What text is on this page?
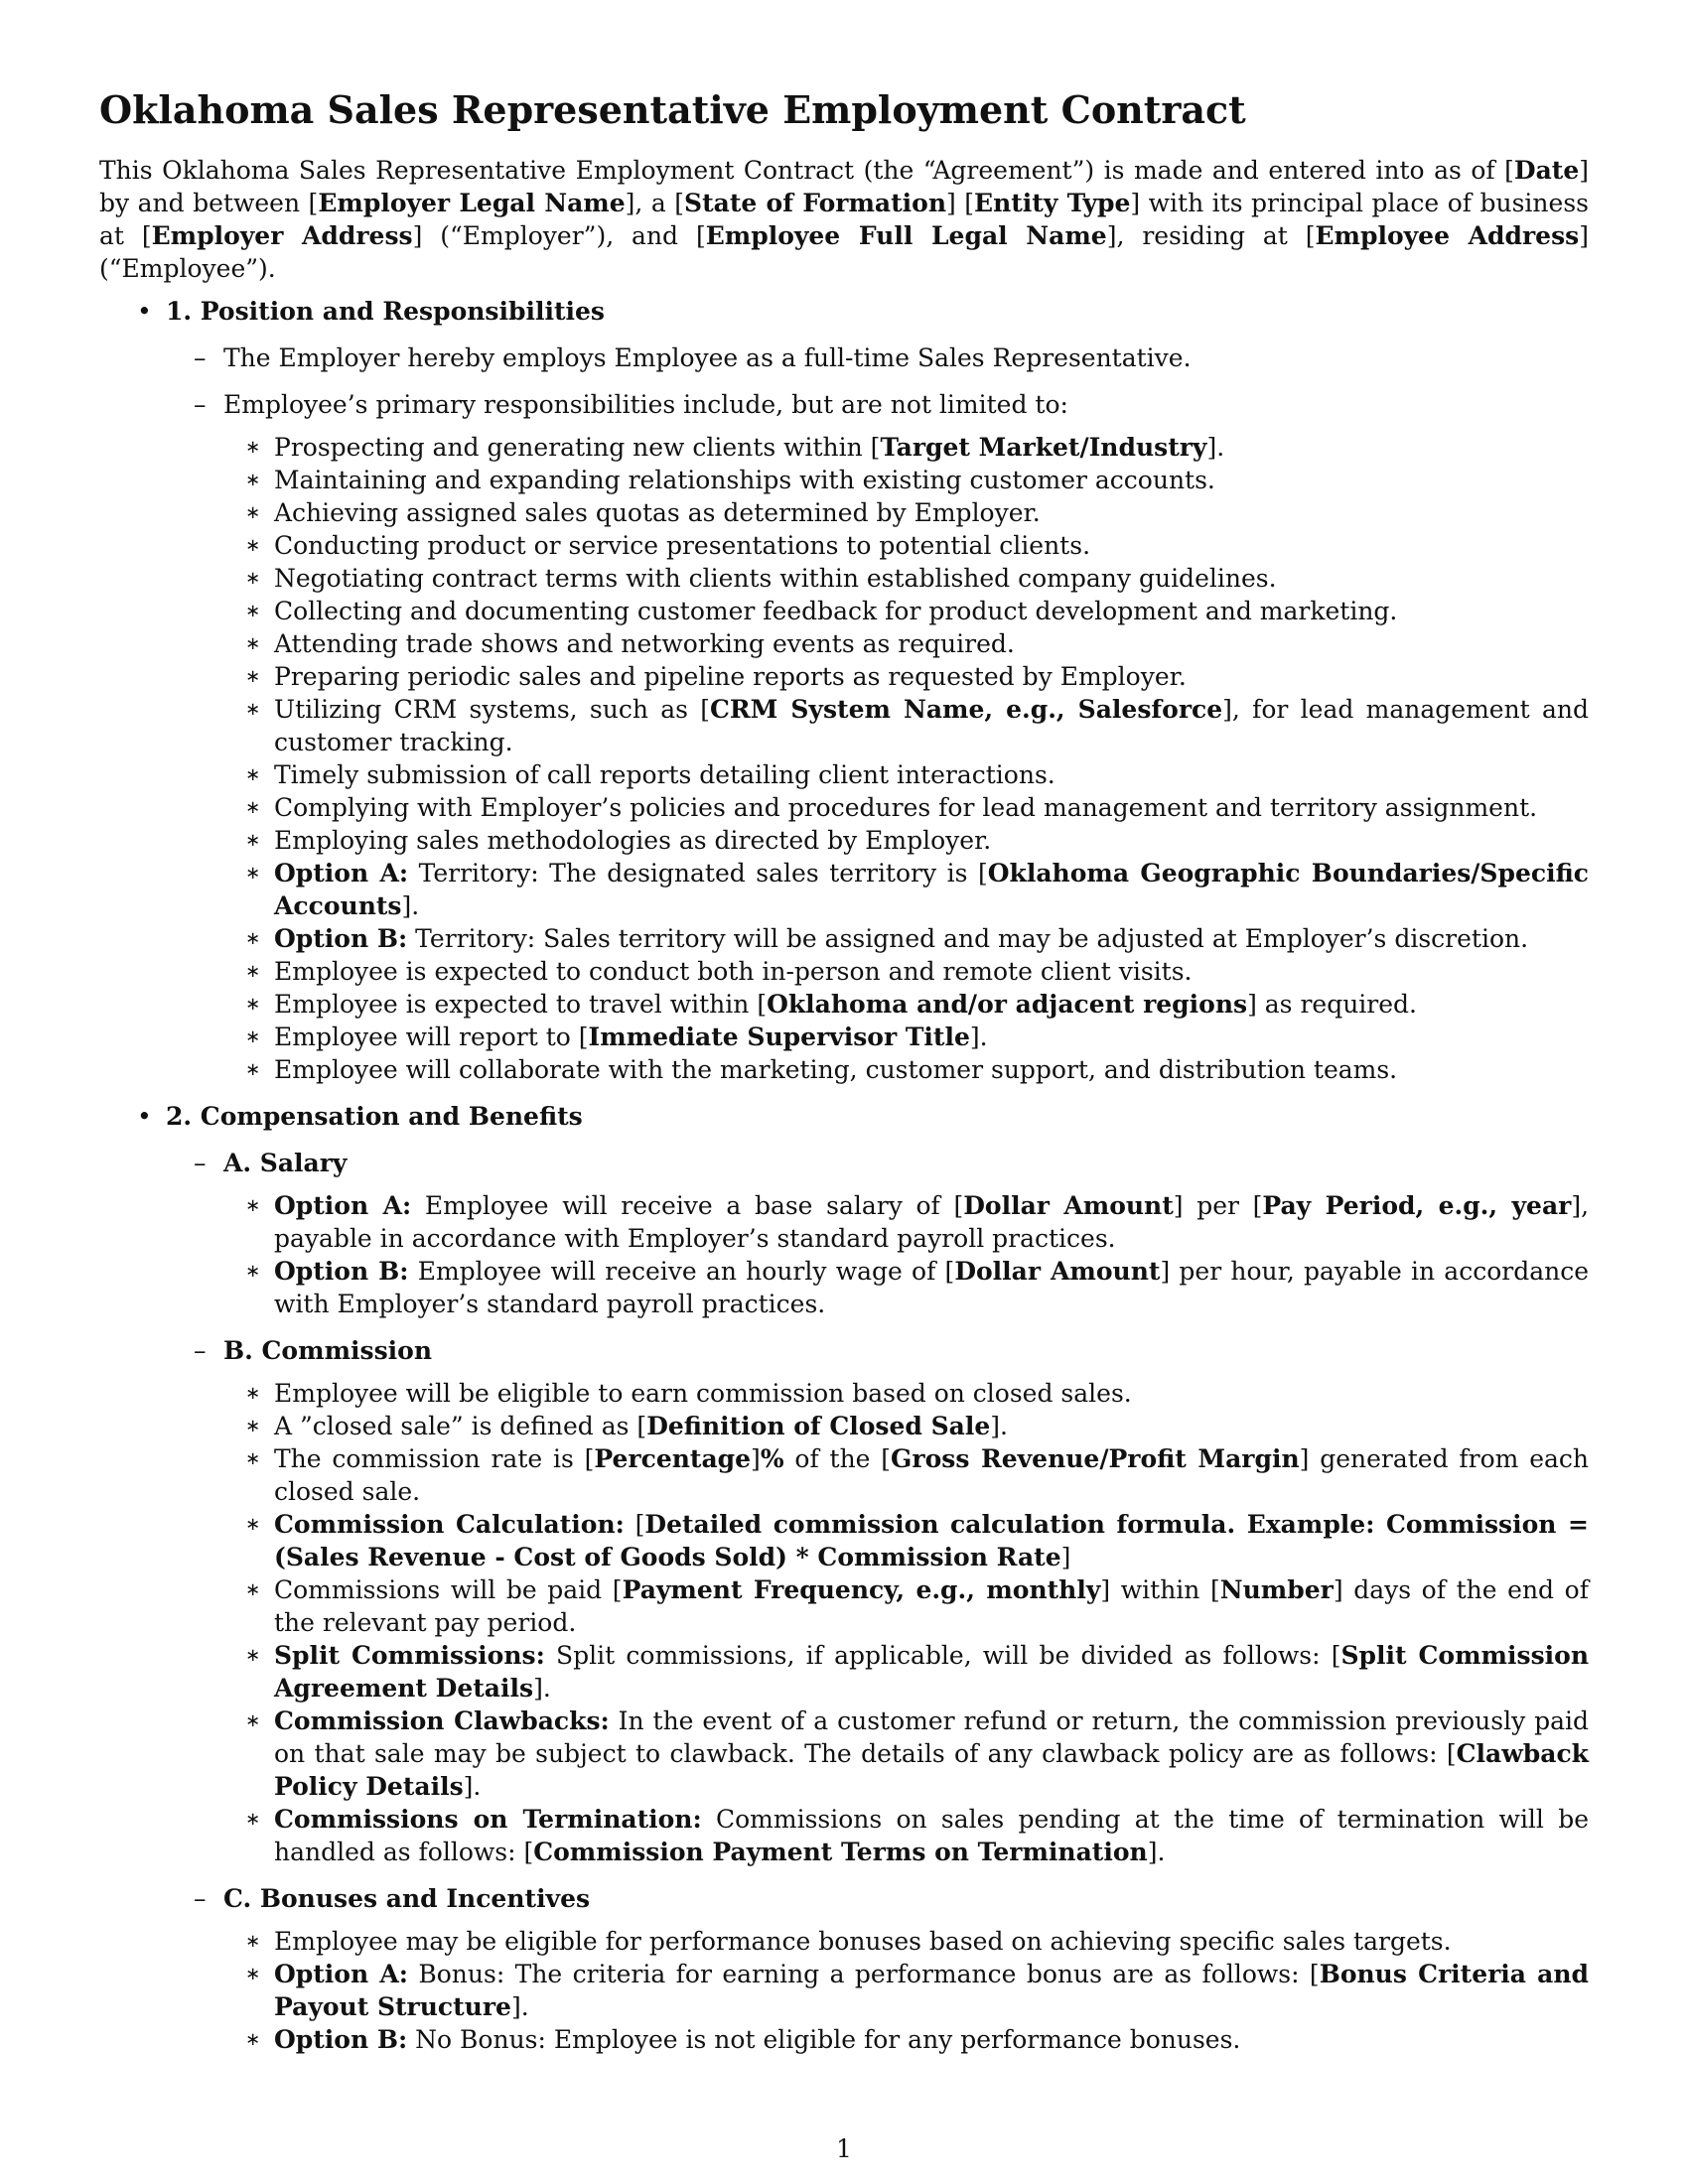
Oklahoma Sales Representative Employment Contract

This Oklahoma Sales Representative Employment Contract (the “Agreement”) is made and entered into as of [Date] by and between [Employer Legal Name], a [State of Formation] [Entity Type] with its principal place of business at [Employer Address] (“Employer”), and [Employee Full Legal Name], residing at [Employee Address] (“Employee”).

• 1. Position and Responsibilities
– The Employer hereby employs Employee as a full-time Sales Representative.
– Employee’s primary responsibilities include, but are not limited to:
∗ Prospecting and generating new clients within [Target Market/Industry].
∗ Maintaining and expanding relationships with existing customer accounts.
∗ Achieving assigned sales quotas as determined by Employer.
∗ Conducting product or service presentations to potential clients.
∗ Negotiating contract terms with clients within established company guidelines.
∗ Collecting and documenting customer feedback for product development and marketing.
∗ Attending trade shows and networking events as required.
∗ Preparing periodic sales and pipeline reports as requested by Employer.
∗ Utilizing CRM systems, such as [CRM System Name, e.g., Salesforce], for lead management and customer tracking.
∗ Timely submission of call reports detailing client interactions.
∗ Complying with Employer’s policies and procedures for lead management and territory assignment.
∗ Employing sales methodologies as directed by Employer.
∗ Option A: Territory: The designated sales territory is [Oklahoma Geographic Boundaries/Specific Accounts].
∗ Option B: Territory: Sales territory will be assigned and may be adjusted at Employer’s discretion.
∗ Employee is expected to conduct both in-person and remote client visits.
∗ Employee is expected to travel within [Oklahoma and/or adjacent regions] as required.
∗ Employee will report to [Immediate Supervisor Title].
∗ Employee will collaborate with the marketing, customer support, and distribution teams.
• 2. Compensation and Benefits
– A. Salary
∗ Option A: Employee will receive a base salary of [Dollar Amount] per [Pay Period, e.g., year], payable in accordance with Employer’s standard payroll practices.
∗ Option B: Employee will receive an hourly wage of [Dollar Amount] per hour, payable in accordance with Employer’s standard payroll practices.
– B. Commission
∗ Employee will be eligible to earn commission based on closed sales.
∗ A ”closed sale” is defined as [Definition of Closed Sale].
∗ The commission rate is [Percentage]% of the [Gross Revenue/Profit Margin] generated from each closed sale.
∗ Commission Calculation: [Detailed commission calculation formula. Example: Commission = (Sales Revenue - Cost of Goods Sold) * Commission Rate]
∗ Commissions will be paid [Payment Frequency, e.g., monthly] within [Number] days of the end of the relevant pay period.
∗ Split Commissions: Split commissions, if applicable, will be divided as follows: [Split Commission Agreement Details].
∗ Commission Clawbacks: In the event of a customer refund or return, the commission previously paid on that sale may be subject to clawback. The details of any clawback policy are as follows: [Clawback Policy Details].
∗ Commissions on Termination: Commissions on sales pending at the time of termination will be handled as follows: [Commission Payment Terms on Termination].
– C. Bonuses and Incentives
∗ Employee may be eligible for performance bonuses based on achieving specific sales targets.
∗ Option A: Bonus: The criteria for earning a performance bonus are as follows: [Bonus Criteria and Payout Structure].
∗ Option B: No Bonus: Employee is not eligible for any performance bonuses.
1
